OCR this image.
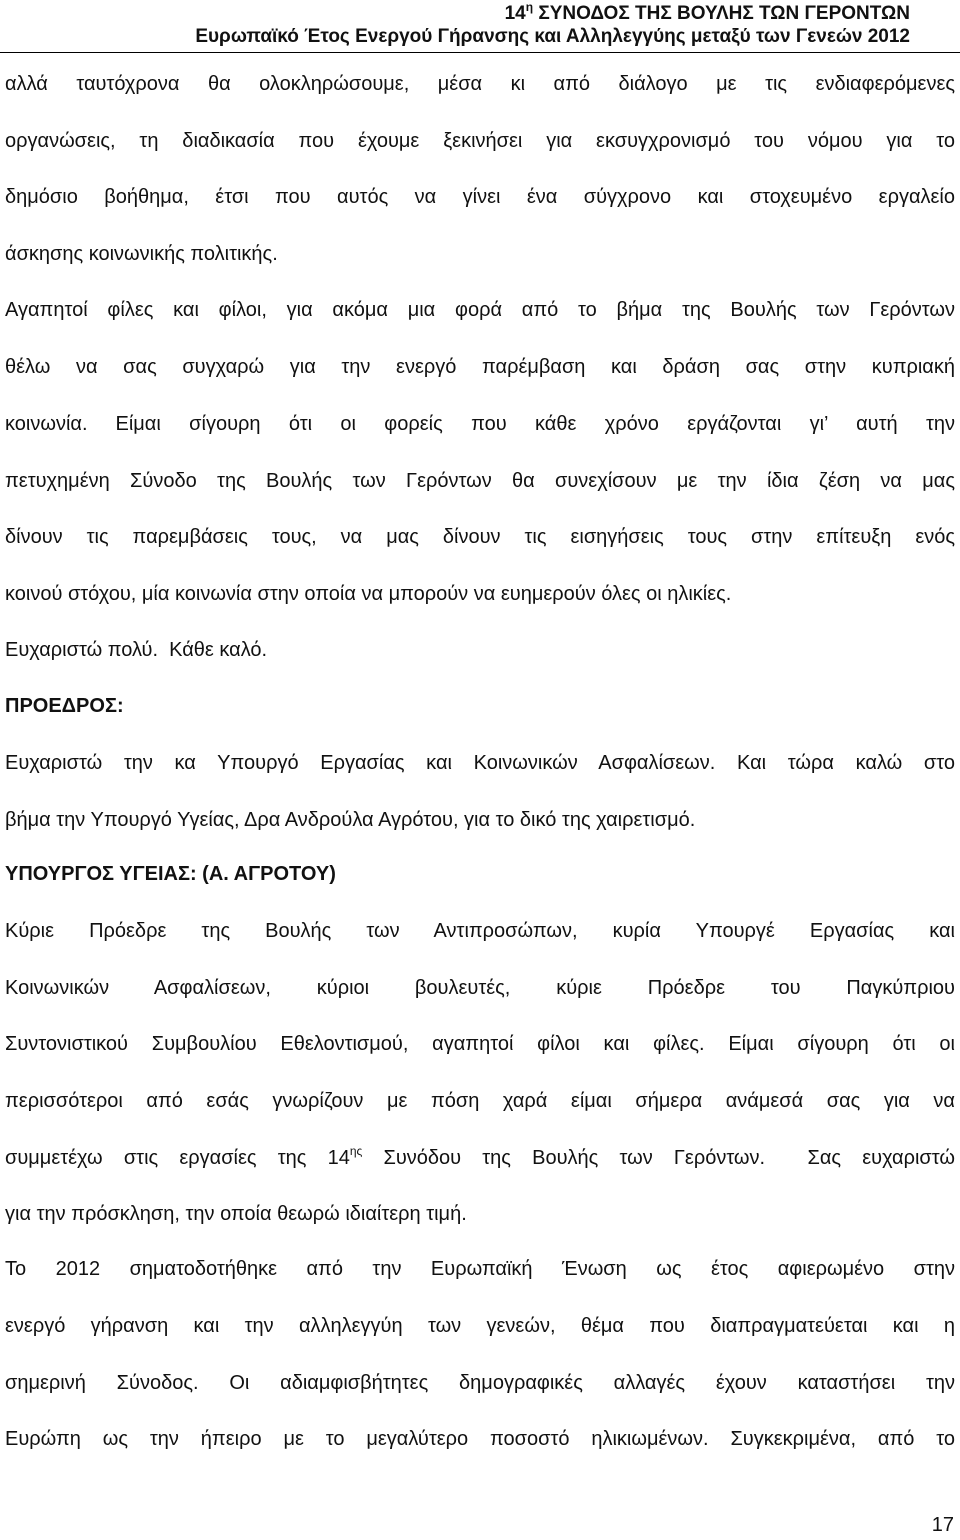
$14^\eta$ ΣΥΝΟΔΟΣ ΤΗΣ ΒΟΥΛΗΣ ΤΩΝ ΓΕΡΟΝΤΩΝ
Ευρωπαϊκό Έτος Ενεργού Γήρανσης και Αλληλεγγύης μεταξύ των Γενεών 2012
αλλά ταυτόχρονα θα ολοκληρώσουμε, μέσα κι από διάλογο με τις ενδιαφερόμενες
οργανώσεις, τη διαδικασία που έχουμε ξεκινήσει για εκσυγχρονισμό του νόμου για το
δημόσιο βοήθημα, έτσι που αυτός να γίνει ένα σύγχρονο και στοχευμένο εργαλείο
άσκησης κοινωνικής πολιτικής.
Αγαπητοί φίλες και φίλοι, για ακόμα μια φορά από το βήμα της Βουλής των Γερόντων
θέλω να σας συγχαρώ για την ενεργό παρέμβαση και δράση σας στην κυπριακή
κοινωνία. Είμαι σίγουρη ότι οι φορείς που κάθε χρόνο εργάζονται γι’ αυτή την
πετυχημένη Σύνοδο της Βουλής των Γερόντων θα συνεχίσουν με την ίδια ζέση να μας
δίνουν τις παρεμβάσεις τους, να μας δίνουν τις εισηγήσεις τους στην επίτευξη ενός
κοινού στόχου, μία κοινωνία στην οποία να μπορούν να ευημερούν όλες οι ηλικίες.
Ευχαριστώ πολύ.  Κάθε καλό.
ΠΡΟΕΔΡΟΣ:
Ευχαριστώ την κα Υπουργό Εργασίας και Κοινωνικών Ασφαλίσεων. Και τώρα καλώ στο
βήμα την Υπουργό Υγείας, Δρα Ανδρούλα Αγρότου, για το δικό της χαιρετισμό.
ΥΠΟΥΡΓΟΣ ΥΓΕΙΑΣ: (Α. ΑΓΡΟΤΟΥ)
Κύριε Πρόεδρε της Βουλής των Αντιπροσώπων, κυρία Υπουργέ Εργασίας και
Κοινωνικών Ασφαλίσεων, κύριοι βουλευτές, κύριε Πρόεδρε του Παγκύπριου
Συντονιστικού Συμβουλίου Εθελοντισμού, αγαπητοί φίλοι και φίλες. Είμαι σίγουρη ότι οι
περισσότεροι από εσάς γνωρίζουν με πόση χαρά είμαι σήμερα ανάμεσά σας για να
συμμετέχω στις εργασίες της $14^{\eta\varsigma}$ Συνόδου της Βουλής των Γερόντων.  Σας ευχαριστώ
για την πρόσκληση, την οποία θεωρώ ιδιαίτερη τιμή.
Το 2012 σηματοδοτήθηκε από την Ευρωπαϊκή Ένωση ως έτος αφιερωμένο στην
ενεργό γήρανση και την αλληλεγγύη των γενεών, θέμα που διαπραγματεύεται και η
σημερινή Σύνοδος. Οι αδιαμφισβήτητες δημογραφικές αλλαγές έχουν καταστήσει την
Ευρώπη ως την ήπειρο με το μεγαλύτερο ποσοστό ηλικιωμένων. Συγκεκριμένα, από το
17
